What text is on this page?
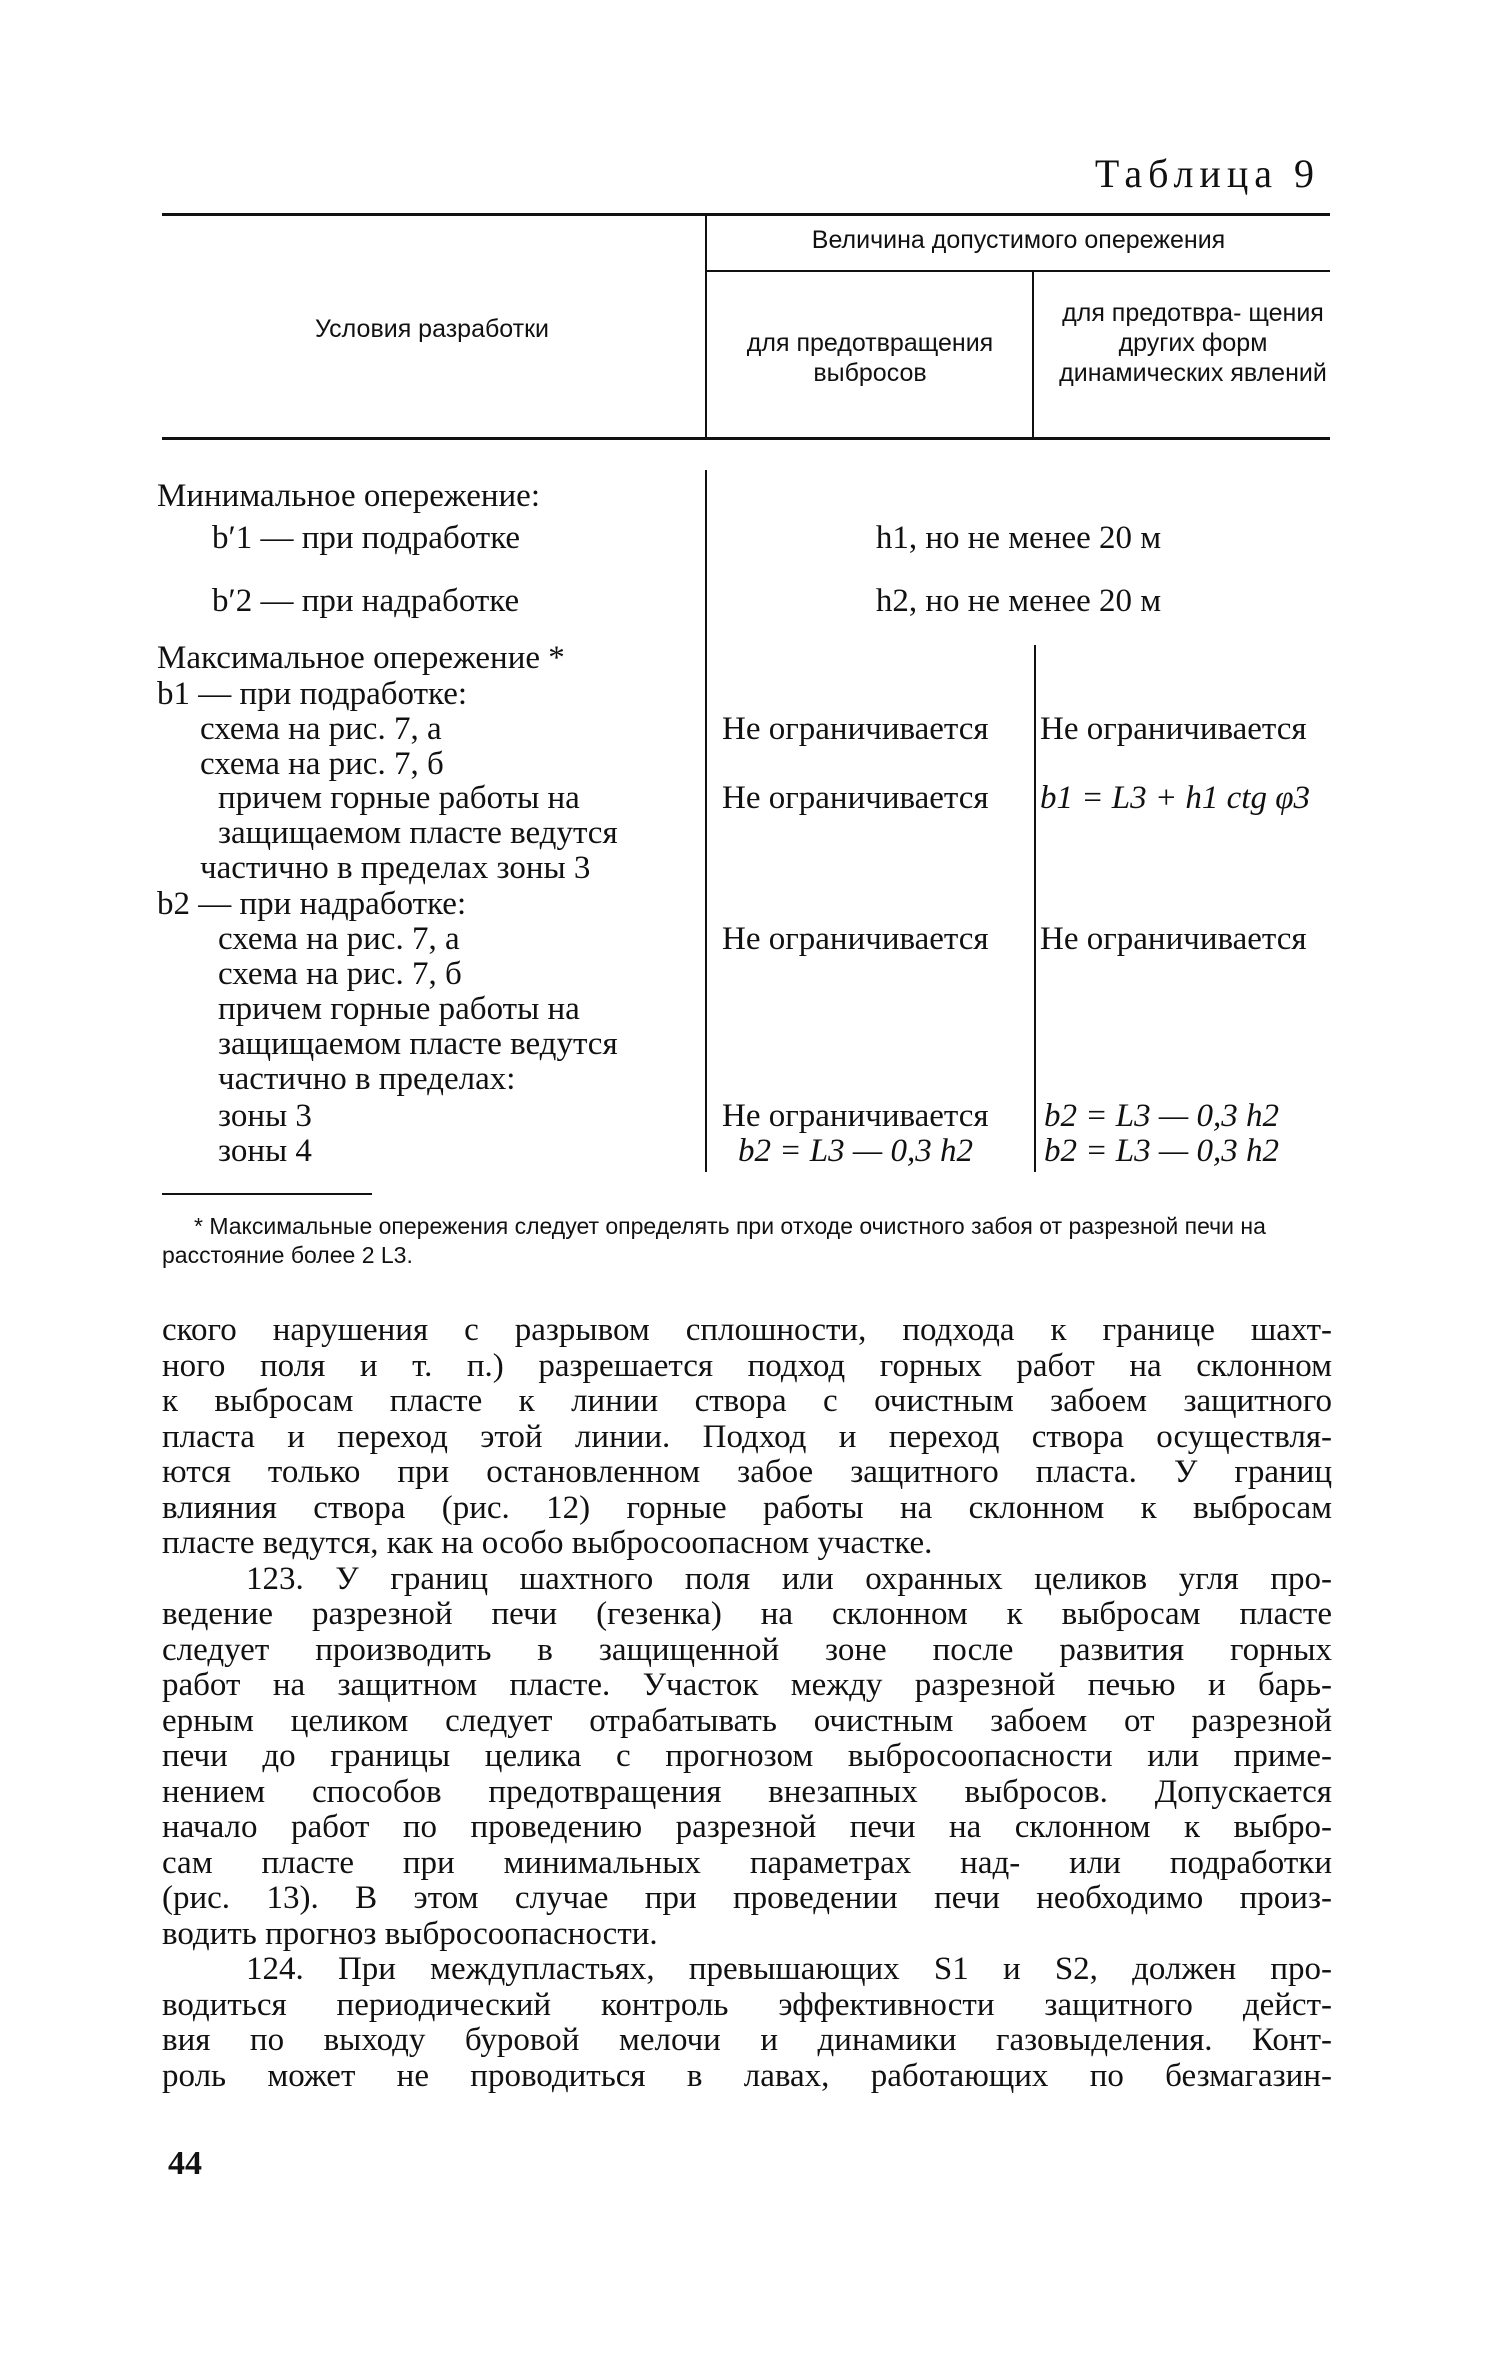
Таблица 9
Условия разработки
Величина допустимого опережения
для предотвращения выбросов
для предотвра- щения других форм динамических явлений
Минимальное опережение:
b′1 — при подработке
b′2 — при надработке
Максимальное опережение *
b1 — при подработке:
схема на рис. 7, а
схема на рис. 7, б
причем горные работы на
защищаемом пласте ведутся
частично в пределах зоны 3
b2 — при надработке:
схема на рис. 7, а
схема на рис. 7, б
причем горные работы на
защищаемом пласте ведутся
частично в пределах:
зоны 3
зоны 4
h1, но не менее 20 м
h2, но не менее 20 м
Не ограничивается Не ограничивается
Не ограничивается b1 = L3 + h1 ctg φ3
Не ограничивается Не ограничивается
Не ограничивается b2 = L3 — 0,3 h2
b2 = L3 — 0,3 h2 b2 = L3 — 0,3 h2
* Максимальные опережения следует определять при отходе очистного забоя от разрезной печи на расстояние более 2 L3.
ского нарушения с разрывом сплошности, подхода к границе шахт-
ного поля и т. п.) разрешается подход горных работ на склонном
к выбросам пласте к линии створа с очистным забоем защитного
пласта и переход этой линии. Подход и переход створа осуществля-
ются только при остановленном забое защитного пласта. У границ
влияния створа (рис. 12) горные работы на склонном к выбросам
пласте ведутся, как на особо выбросоопасном участке.
123. У границ шахтного поля или охранных целиков угля про-
ведение разрезной печи (гезенка) на склонном к выбросам пласте
следует производить в защищенной зоне после развития горных
работ на защитном пласте. Участок между разрезной печью и барь-
ерным целиком следует отрабатывать очистным забоем от разрезной
печи до границы целика с прогнозом выбросоопасности или приме-
нением способов предотвращения внезапных выбросов. Допускается
начало работ по проведению разрезной печи на склонном к выбро-
сам пласте при минимальных параметрах над- или подработки
(рис. 13). В этом случае при проведении печи необходимо произ-
водить прогноз выбросоопасности.
124. При междупластьях, превышающих S1 и S2, должен про-
водиться периодический контроль эффективности защитного дейст-
вия по выходу буровой мелочи и динамики газовыделения. Конт-
роль может не проводиться в лавах, работающих по безмагазин-
44
